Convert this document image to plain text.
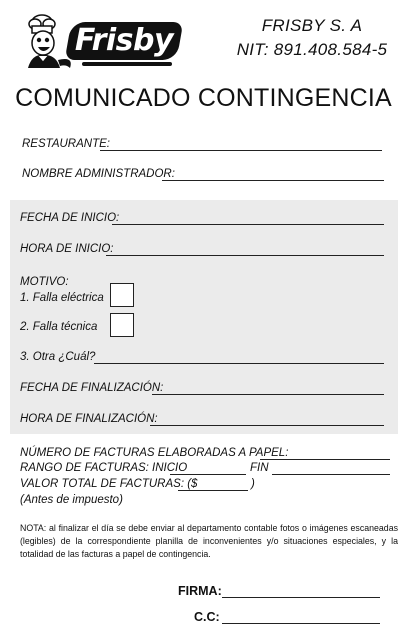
Frisby	FRISBY S. A
NIT: 891.408.584-5
COMUNICADO CONTINGENCIA
RESTAURANTE:
NOMBRE ADMINISTRADOR:
FECHA DE INICIO:
HORA DE INICIO:
MOTIVO:
1. Falla eléctrica
2. Falla técnica
3. Otra ¿Cuál?
FECHA DE FINALIZACIÓN:
HORA DE FINALIZACIÓN:
NÚMERO DE FACTURAS ELABORADAS A PAPEL:
RANGO DE FACTURAS: INICIO	FIN
VALOR TOTAL DE FACTURAS: ($	)
(Antes de impuesto)
NOTA: al finalizar el día se debe enviar al departamento contable fotos o imágenes escaneadas (legibles) de la correspondiente planilla de inconvenientes y/o situaciones especiales, y la totalidad de las facturas a papel de contingencia.
FIRMA:
C.C:
